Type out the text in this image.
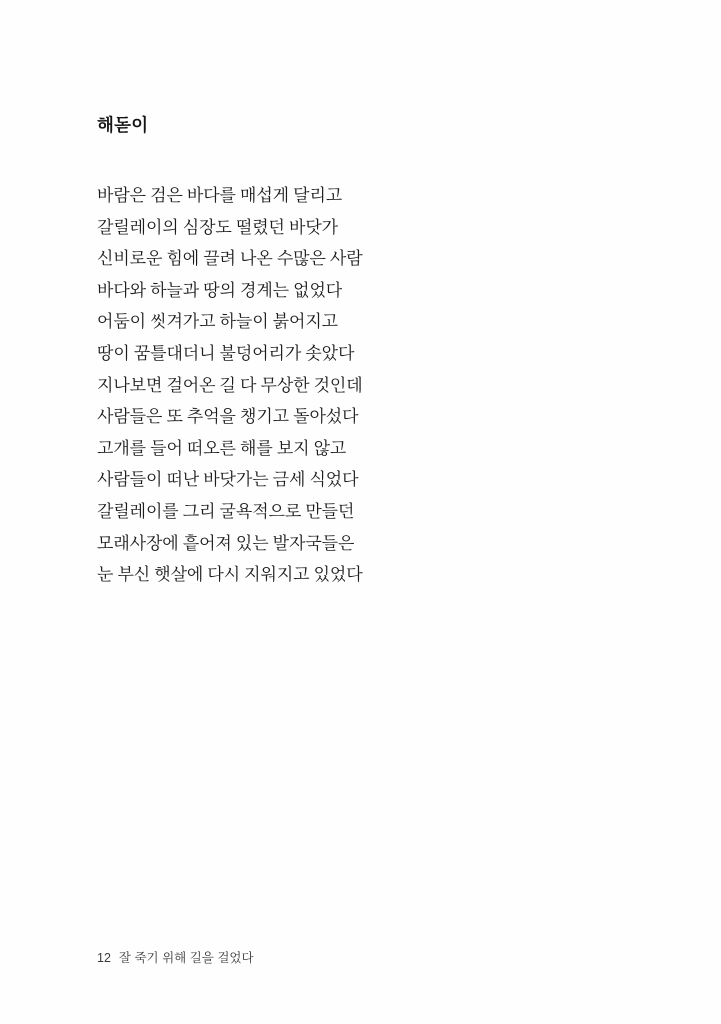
해돋이
바람은 검은 바다를 매섭게 달리고
갈릴레이의 심장도 떨렸던 바닷가
신비로운 힘에 끌려 나온 수많은 사람
바다와 하늘과 땅의 경계는 없었다
어둠이 씻겨가고 하늘이 붉어지고
땅이 꿈틀대더니 불덩어리가 솟았다
지나보면 걸어온 길 다 무상한 것인데
사람들은 또 추억을 챙기고 돌아섰다
고개를 들어 떠오른 해를 보지 않고
사람들이 떠난 바닷가는 금세 식었다
갈릴레이를 그리 굴욕적으로 만들던
모래사장에 흩어져 있는 발자국들은
눈 부신 햇살에 다시 지워지고 있었다
12 잘 죽기 위해 길을 걸었다
